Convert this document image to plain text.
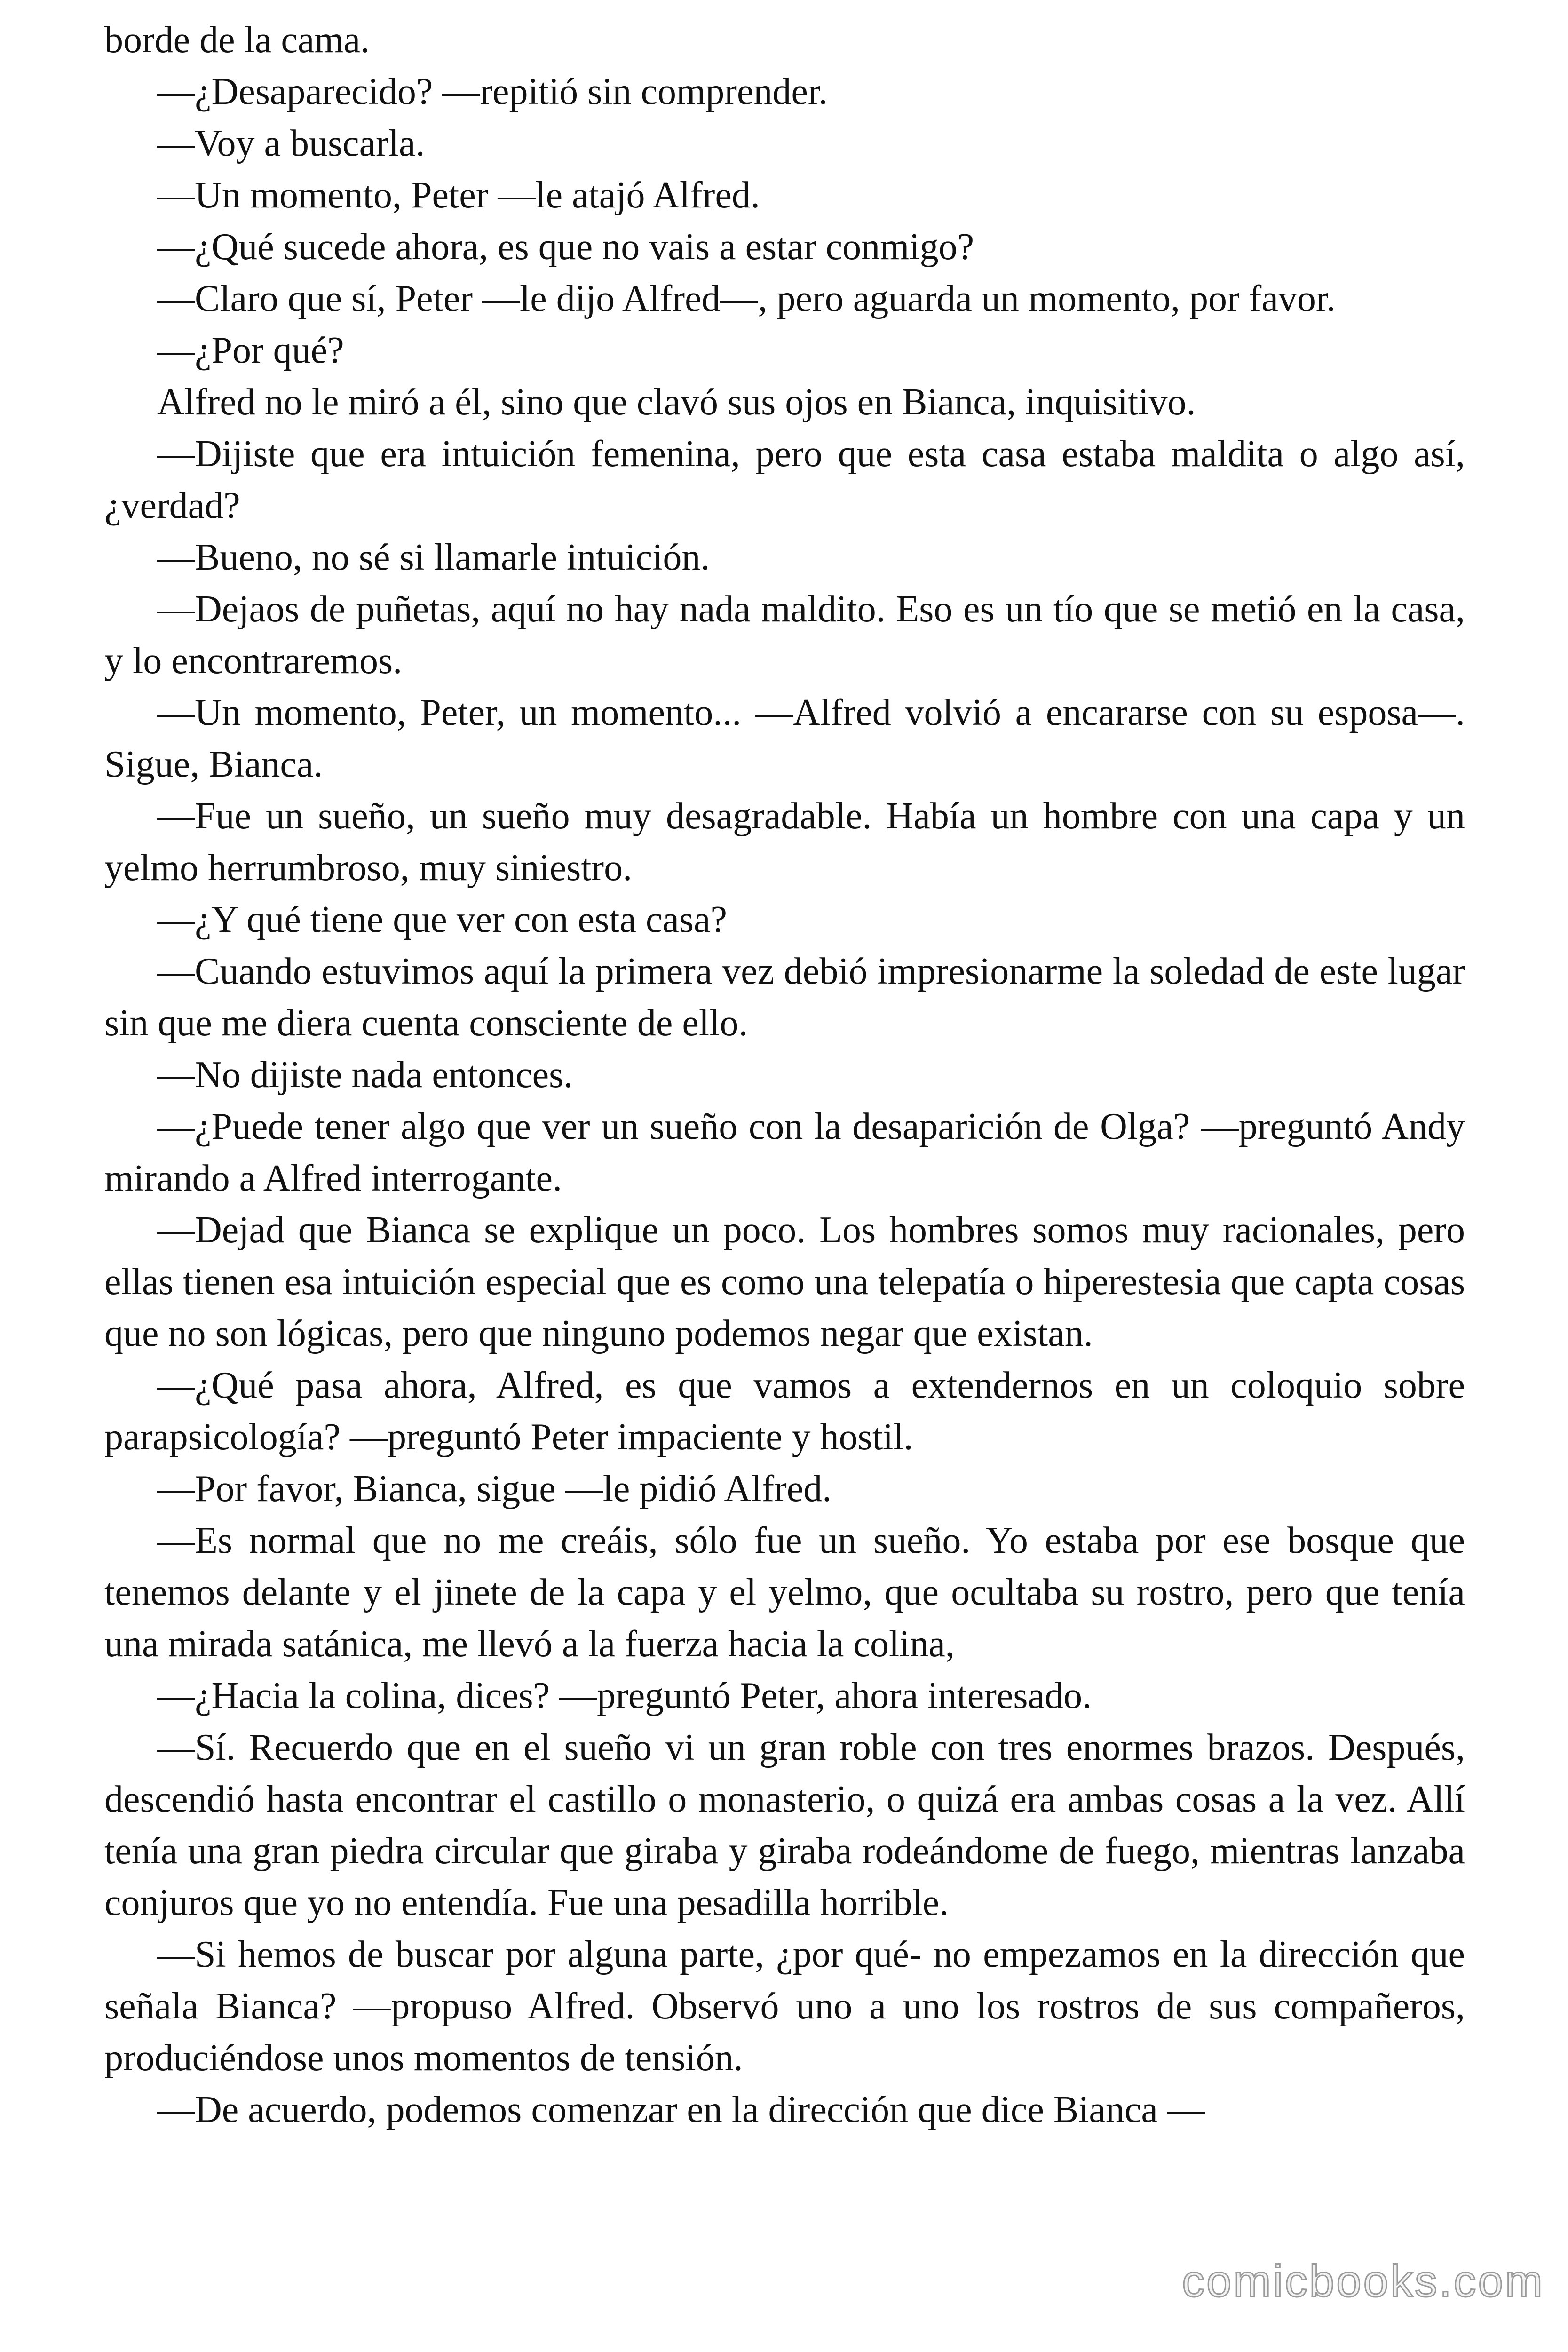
borde de la cama.

—¿Desaparecido? —repitió sin comprender.

—Voy a buscarla.

—Un momento, Peter —le atajó Alfred.

—¿Qué sucede ahora, es que no vais a estar conmigo?

—Claro que sí, Peter —le dijo Alfred—, pero aguarda un momento, por favor.

—¿Por qué?

Alfred no le miró a él, sino que clavó sus ojos en Bianca, inquisitivo.

—Dijiste que era intuición femenina, pero que esta casa estaba maldita o algo así, ¿verdad?

—Bueno, no sé si llamarle intuición.

—Dejaos de puñetas, aquí no hay nada maldito. Eso es un tío que se metió en la casa, y lo encontraremos.

—Un momento, Peter, un momento... —Alfred volvió a encararse con su esposa—. Sigue, Bianca.

—Fue un sueño, un sueño muy desagradable. Había un hombre con una capa y un yelmo herrumbroso, muy siniestro.

—¿Y qué tiene que ver con esta casa?

—Cuando estuvimos aquí la primera vez debió impresionarme la soledad de este lugar sin que me diera cuenta consciente de ello.

—No dijiste nada entonces.

—¿Puede tener algo que ver un sueño con la desaparición de Olga? —preguntó Andy mirando a Alfred interrogante.

—Dejad que Bianca se explique un poco. Los hombres somos muy racionales, pero ellas tienen esa intuición especial que es como una telepatía o hiperestesia que capta cosas que no son lógicas, pero que ninguno podemos negar que existan.

—¿Qué pasa ahora, Alfred, es que vamos a extendernos en un coloquio sobre parapsicología? —preguntó Peter impaciente y hostil.

—Por favor, Bianca, sigue —le pidió Alfred.

—Es normal que no me creáis, sólo fue un sueño. Yo estaba por ese bosque que tenemos delante y el jinete de la capa y el yelmo, que ocultaba su rostro, pero que tenía una mirada satánica, me llevó a la fuerza hacia la colina,

—¿Hacia la colina, dices? —preguntó Peter, ahora interesado.

—Sí. Recuerdo que en el sueño vi un gran roble con tres enormes brazos. Después, descendió hasta encontrar el castillo o monasterio, o quizá era ambas cosas a la vez. Allí tenía una gran piedra circular que giraba y giraba rodeándome de fuego, mientras lanzaba conjuros que yo no entendía. Fue una pesadilla horrible.

—Si hemos de buscar por alguna parte, ¿por qué- no empezamos en la dirección que señala Bianca? —propuso Alfred. Observó uno a uno los rostros de sus compañeros, produciéndose unos momentos de tensión.

—De acuerdo, podemos comenzar en la dirección que dice Bianca —

comicbooks.com
